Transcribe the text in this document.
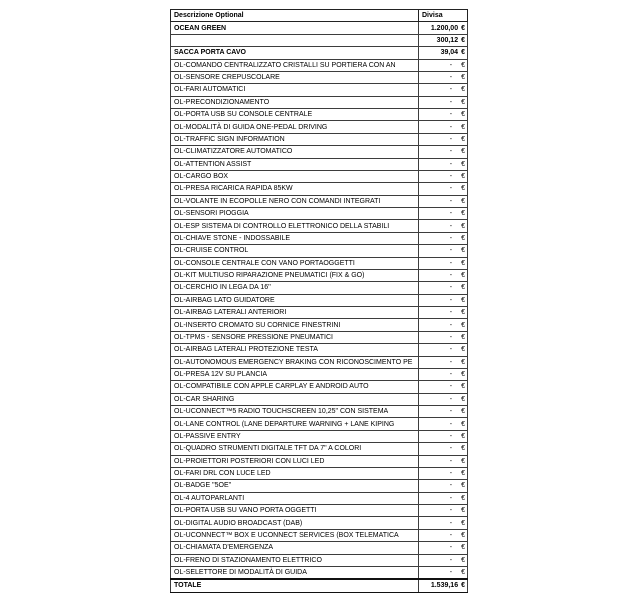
Descrizione Optional	Divisa
OCEAN GREEN	1.200,00 €
	300,12 €
SACCA PORTA CAVO	39,04 €
OL-COMANDO CENTRALIZZATO CRISTALLI SU PORTIERA CON AN	- €
OL-SENSORE CREPUSCOLARE	- €
OL-FARI AUTOMATICI	- €
OL-PRECONDIZIONAMENTO	- €
OL-PORTA USB SU CONSOLE CENTRALE	- €
OL-MODALITÀ DI GUIDA ONE-PEDAL DRIVING	- €
OL-TRAFFIC SIGN INFORMATION	- €
OL-CLIMATIZZATORE AUTOMATICO	- €
OL-ATTENTION ASSIST	- €
OL-CARGO BOX	- €
OL-PRESA RICARICA RAPIDA 85KW	- €
OL-VOLANTE IN ECOPOLLE NERO CON COMANDI INTEGRATI	- €
OL-SENSORI PIOGGIA	- €
OL-ESP SISTEMA DI CONTROLLO ELETTRONICO DELLA STABILI	- €
OL-CHIAVE STONE - INDOSSABILE	- €
OL-CRUISE CONTROL	- €
OL-CONSOLE CENTRALE CON VANO PORTAOGGETTI	- €
OL-KIT MULTIUSO RIPARAZIONE PNEUMATICI (FIX & GO)	- €
OL-CERCHIO IN LEGA DA 16''	- €
OL-AIRBAG LATO GUIDATORE	- €
OL-AIRBAG LATERALI ANTERIORI	- €
OL-INSERTO CROMATO SU CORNICE FINESTRINI	- €
OL-TPMS - SENSORE PRESSIONE PNEUMATICI	- €
OL-AIRBAG LATERALI PROTEZIONE TESTA	- €
OL-AUTONOMOUS EMERGENCY BRAKING CON RICONOSCIMENTO PE	- €
OL-PRESA 12V SU PLANCIA	- €
OL-COMPATIBILE CON APPLE CARPLAY E ANDROID AUTO	- €
OL-CAR SHARING	- €
OL-UCONNECT™5 RADIO TOUCHSCREEN 10,25" CON SISTEMA	- €
OL-LANE CONTROL (LANE DEPARTURE WARNING + LANE KIPING	- €
OL-PASSIVE ENTRY	- €
OL-QUADRO STRUMENTI DIGITALE TFT DA 7" A COLORI	- €
OL-PROIETTORI POSTERIORI CON LUCI LED	- €
OL-FARI DRL CON LUCE LED	- €
OL-BADGE "5OE"	- €
OL-4 AUTOPARLANTI	- €
OL-PORTA USB SU VANO PORTA OGGETTI	- €
OL-DIGITAL AUDIO BROADCAST (DAB)	- €
OL-UCONNECT™ BOX E UCONNECT SERVICES (BOX TELEMATICA	- €
OL-CHIAMATA D'EMERGENZA	- €
OL-FRENO DI STAZIONAMENTO ELETTRICO	- €
OL-SELETTORE DI MODALITÀ DI GUIDA	- €
TOTALE	1.539,16 €
